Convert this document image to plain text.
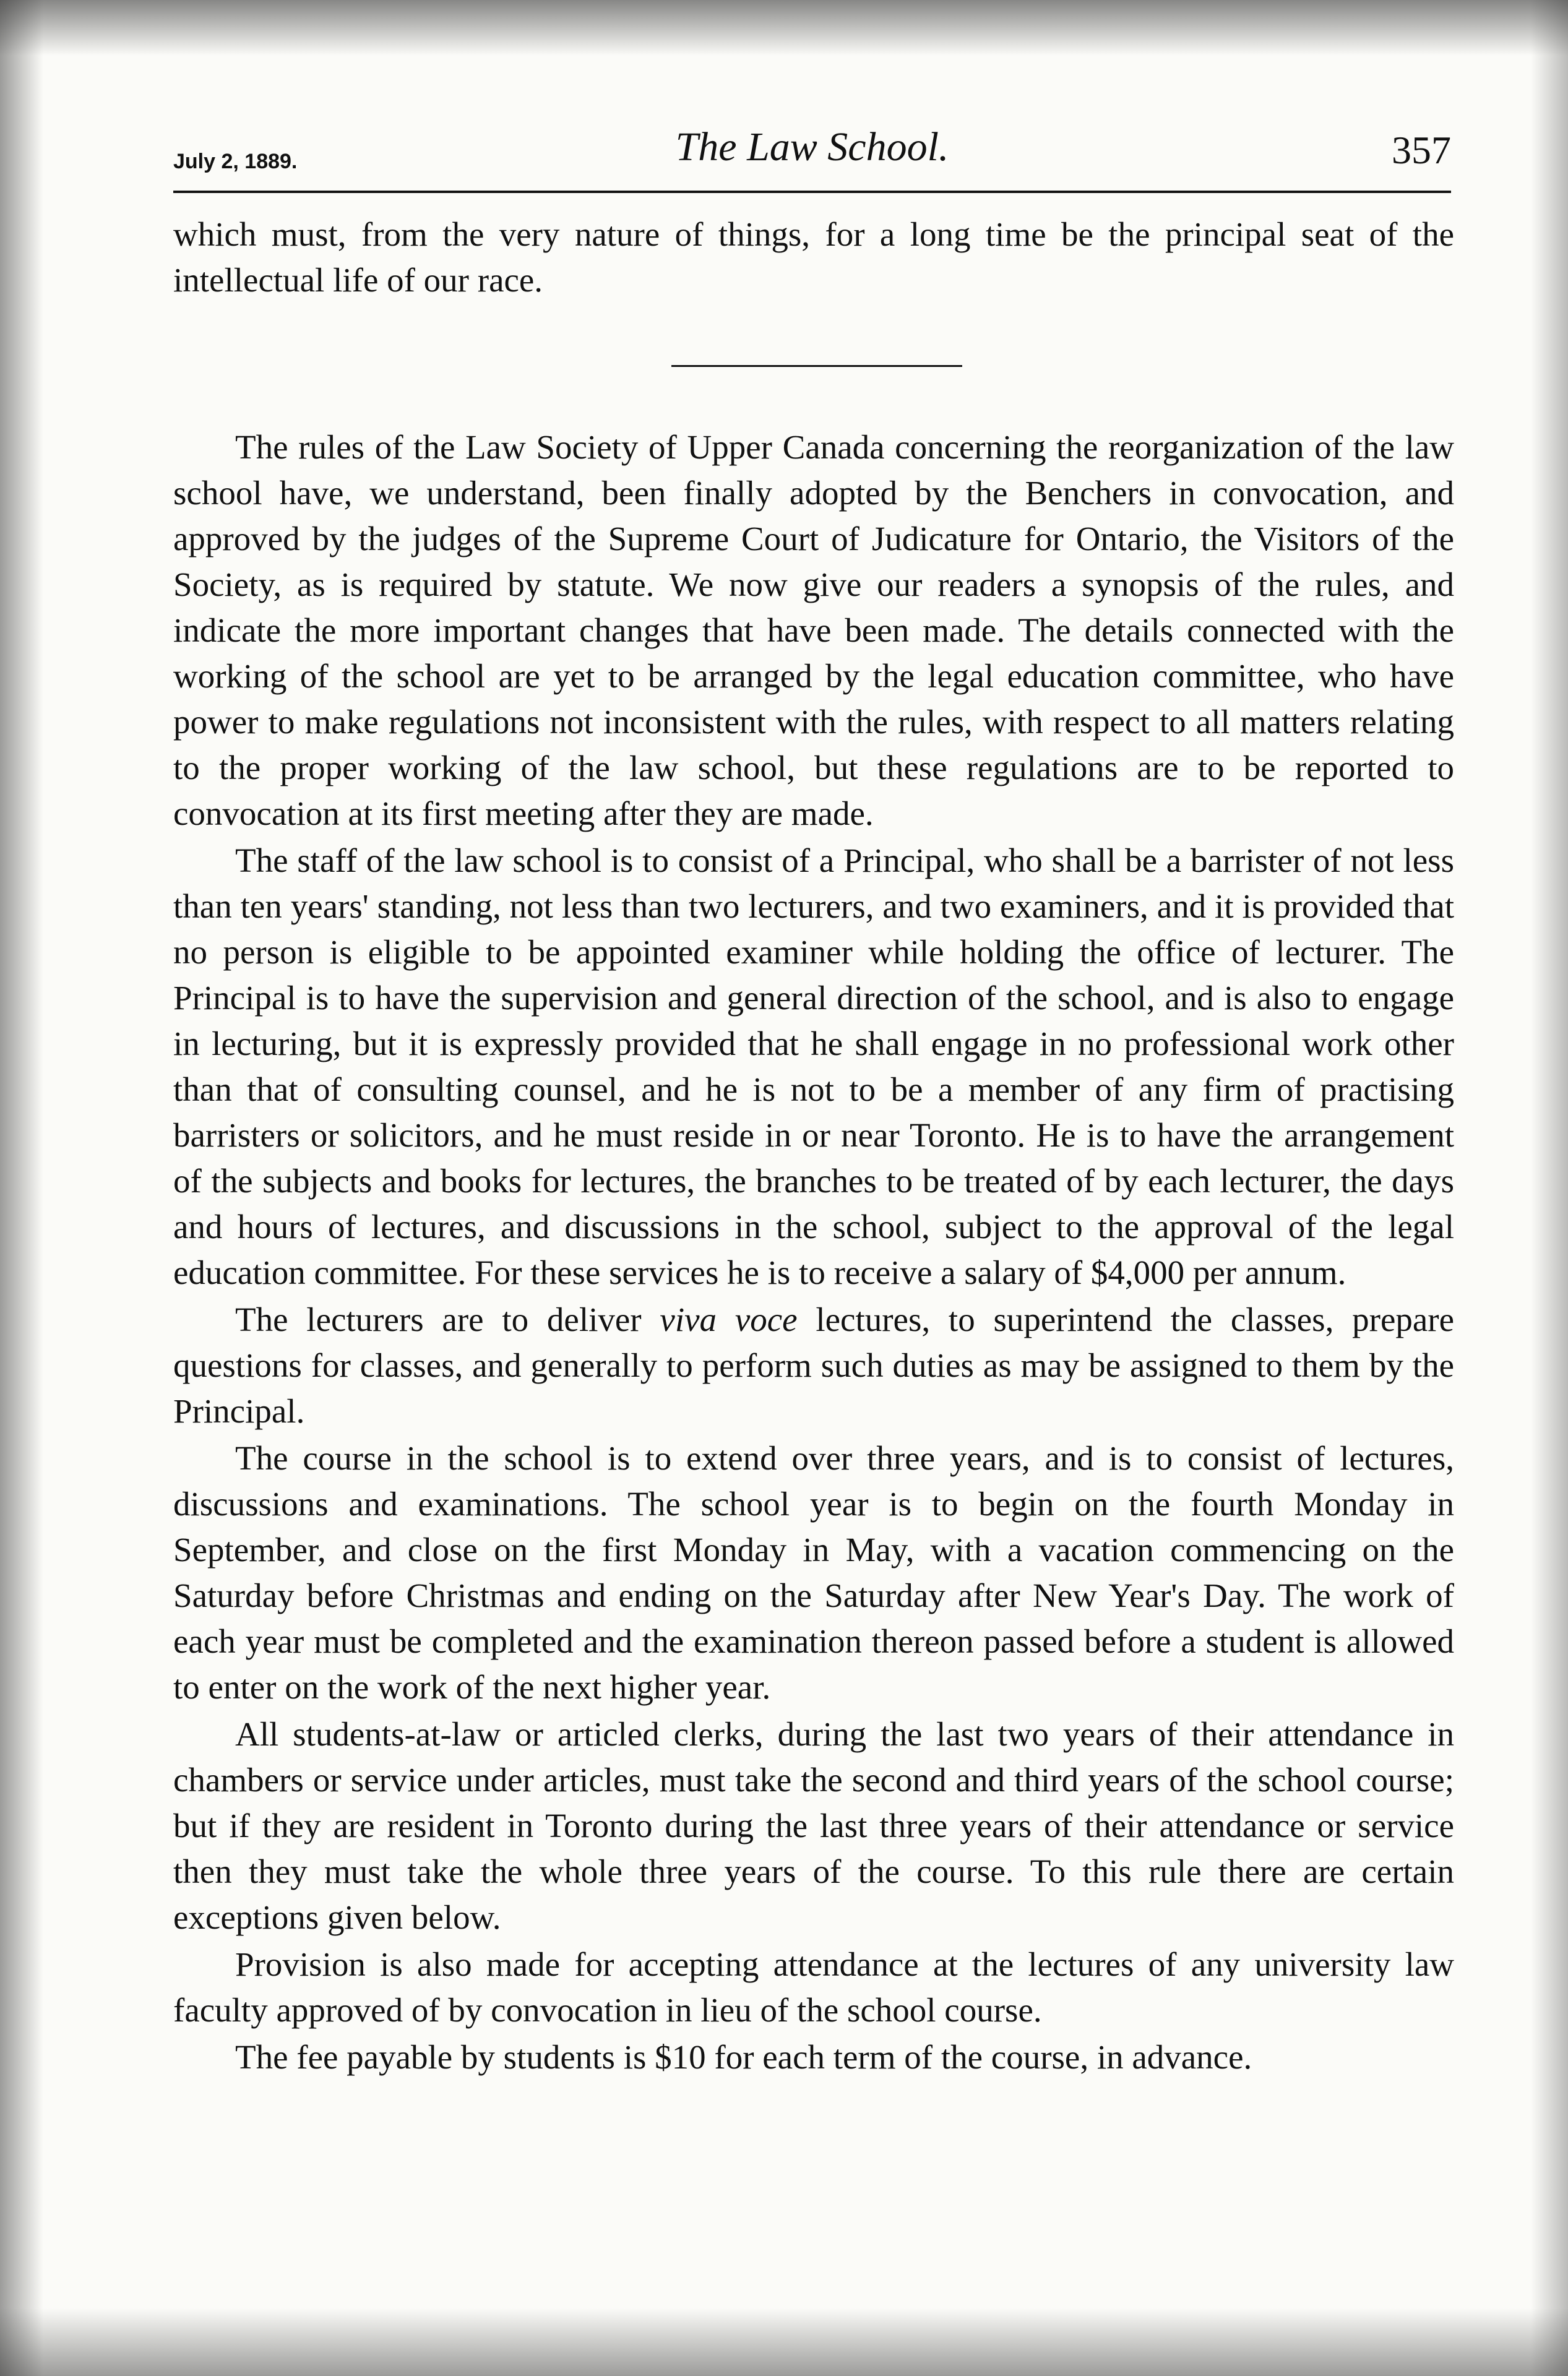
July 2, 1889.	The Law School.	357
which must, from the very nature of things, for a long time be the principal seat of the intellectual life of our race.

The rules of the Law Society of Upper Canada concerning the reorganization of the law school have, we understand, been finally adopted by the Benchers in convocation, and approved by the judges of the Supreme Court of Judicature for Ontario, the Visitors of the Society, as is required by statute. We now give our readers a synopsis of the rules, and indicate the more important changes that have been made. The details connected with the working of the school are yet to be arranged by the legal education committee, who have power to make regulations not inconsistent with the rules, with respect to all matters relating to the proper working of the law school, but these regulations are to be reported to convocation at its first meeting after they are made.

The staff of the law school is to consist of a Principal, who shall be a barrister of not less than ten years' standing, not less than two lecturers, and two examiners, and it is provided that no person is eligible to be appointed examiner while holding the office of lecturer. The Principal is to have the supervision and general direction of the school, and is also to engage in lecturing, but it is expressly provided that he shall engage in no professional work other than that of consulting counsel, and he is not to be a member of any firm of practising barristers or solicitors, and he must reside in or near Toronto. He is to have the arrangement of the subjects and books for lectures, the branches to be treated of by each lecturer, the days and hours of lectures, and discussions in the school, subject to the approval of the legal education committee. For these services he is to receive a salary of $4,000 per annum.

The lecturers are to deliver viva voce lectures, to superintend the classes, prepare questions for classes, and generally to perform such duties as may be assigned to them by the Principal.

The course in the school is to extend over three years, and is to consist of lectures, discussions and examinations. The school year is to begin on the fourth Monday in September, and close on the first Monday in May, with a vacation commencing on the Saturday before Christmas and ending on the Saturday after New Year's Day. The work of each year must be completed and the examination thereon passed before a student is allowed to enter on the work of the next higher year.

All students-at-law or articled clerks, during the last two years of their attendance in chambers or service under articles, must take the second and third years of the school course; but if they are resident in Toronto during the last three years of their attendance or service then they must take the whole three years of the course. To this rule there are certain exceptions given below.

Provision is also made for accepting attendance at the lectures of any university law faculty approved of by convocation in lieu of the school course.

The fee payable by students is $10 for each term of the course, in advance.
